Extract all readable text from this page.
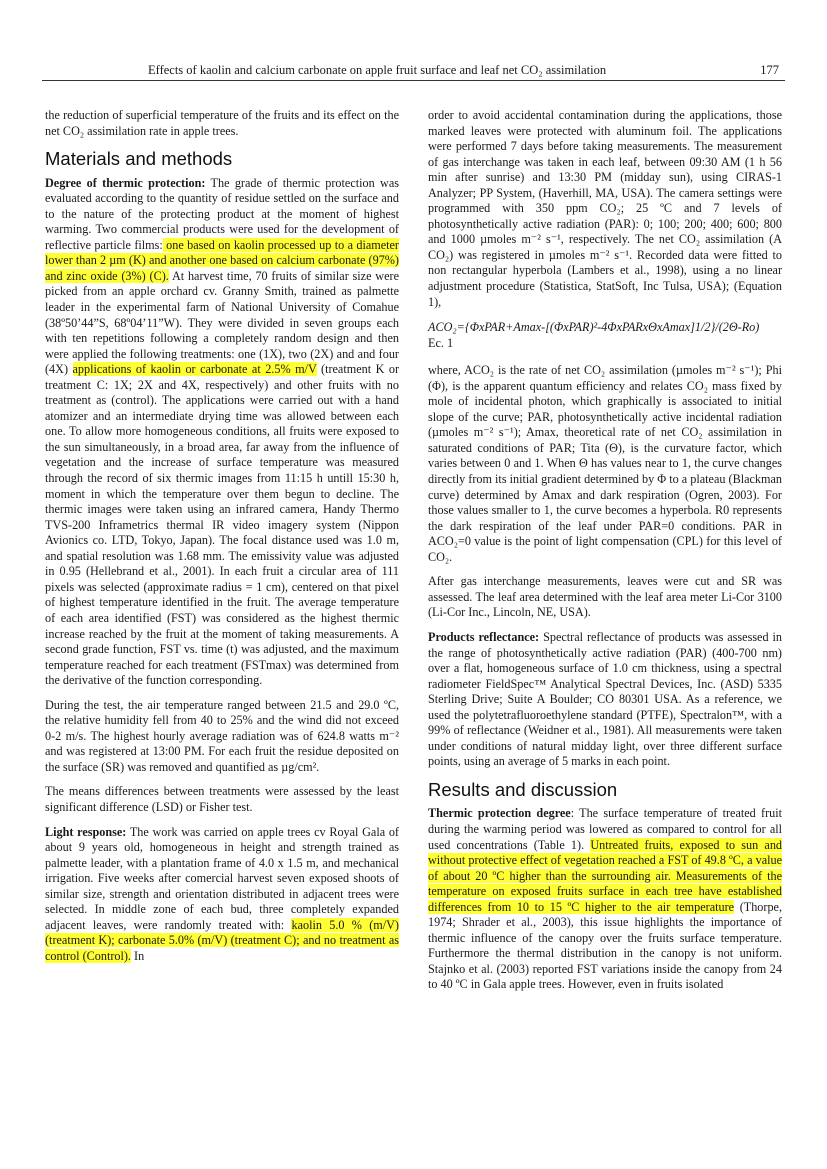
Effects of kaolin and calcium carbonate on apple fruit surface and leaf net CO₂ assimilation	177

the reduction of superficial temperature of the fruits and its effect on the net CO₂ assimilation rate in apple trees.

Materials and methods

Degree of thermic protection: The grade of thermic protection was evaluated according to the quantity of residue settled on the surface and to the nature of the protecting product at the moment of highest warming. Two commercial products were used for the development of reflective particle films: one based on kaolin processed up to a diameter lower than 2 µm (K) and another one based on calcium carbonate (97%) and zinc oxide (3%) (C). At harvest time, 70 fruits of similar size were picked from an apple orchard cv. Granny Smith, trained as palmette leader in the experimental farm of National University of Comahue (38º50’44”S, 68º04’11”W). They were divided in seven groups each with ten repetitions following a completely random design and then were applied the following treatments: one (1X), two (2X) and and four (4X) applications of kaolin or carbonate at 2.5% m/V (treatment K or treatment C: 1X; 2X and 4X, respectively) and other fruits with no treatment as (control). The applications were carried out with a hand atomizer and an intermediate drying time was allowed between each one. To allow more homogeneous conditions, all fruits were exposed to the sun simultaneously, in a broad area, far away from the influence of vegetation and the increase of surface temperature was measured through the record of six thermic images from 11:15 h untill 15:30 h, moment in which the temperature over them begun to decline. The thermic images were taken using an infrared camera, Handy Thermo TVS-200 Inframetrics thermal IR video imagery system (Nippon Avionics co. LTD, Tokyo, Japan). The focal distance used was 1.0 m, and spatial resolution was 1.68 mm. The emissivity value was adjusted in 0.95 (Hellebrand et al., 2001). In each fruit a circular area of 111 pixels was selected (approximate radius = 1 cm), centered on that pixel of highest temperature identified in the fruit. The average temperature of each area identified (FST) was considered as the highest thermic increase reached by the fruit at the moment of taking measurements. A second grade function, FST vs. time (t) was adjusted, and the maximum temperature reached for each treatment (FSTmax) was determined from the derivative of the function corresponding.

During the test, the air temperature ranged between 21.5 and 29.0 ºC, the relative humidity fell from 40 to 25% and the wind did not exceed 0-2 m/s. The highest hourly average radiation was of 624.8 watts m⁻² and was registered at 13:00 PM. For each fruit the residue deposited on the surface (SR) was removed and quantified as µg/cm².

The means differences between treatments were assessed by the least significant difference (LSD) or Fisher test.

Light response: The work was carried on apple trees cv Royal Gala of about 9 years old, homogeneous in height and strength trained as palmette leader, with a plantation frame of 4.0 x 1.5 m, and mechanical irrigation. Five weeks after comercial harvest seven exposed shoots of similar size, strength and orientation distributed in adjacent trees were selected. In middle zone of each bud, three completely expanded adjacent leaves, were randomly treated with: kaolin 5.0 % (m/V) (treatment K); carbonate 5.0% (m/V) (treatment C); and no treatment as control (Control). In

order to avoid accidental contamination during the applications, those marked leaves were protected with aluminum foil. The applications were performed 7 days before taking measurements. The measurement of gas interchange was taken in each leaf, between 09:30 AM (1 h 56 min after sunrise) and 13:30 PM (midday sun), using CIRAS-1 Analyzer; PP System, (Haverhill, MA, USA). The camera settings were programmed with 350 ppm CO₂; 25 ºC and 7 levels of photosynthetically active radiation (PAR): 0; 100; 200; 400; 600; 800 and 1000 µmoles m⁻² s⁻¹, respectively. The net CO₂ assimilation (A CO₂) was registered in µmoles m⁻² s⁻¹. Recorded data were fitted to non rectangular hyperbola (Lambers et al., 1998), using a no linear adjustment procedure (Statistica, StatSoft, Inc Tulsa, USA); (Equation 1),

ACO₂={ΦxPAR+Amax-[(ΦxPAR)²-4ΦxPARxΘxAmax]1/2}/(2Θ-Ro)
Ec. 1

where, ACO₂ is the rate of net CO₂ assimilation (µmoles m⁻² s⁻¹); Phi (Φ), is the apparent quantum efficiency and relates CO₂ mass fixed by mole of incidental photon, which graphically is associated to initial slope of the curve; PAR, photosynthetically active incidental radiation (µmoles m⁻² s⁻¹); Amax, theoretical rate of net CO₂ assimilation in saturated conditions of PAR; Tita (Θ), is the curvature factor, which varies between 0 and 1. When Θ has values near to 1, the curve changes directly from its initial gradient determined by Φ to a plateau (Blackman curve) determined by Amax and dark respiration (Ogren, 2003). For those values smaller to 1, the curve becomes a hyperbola. R0 represents the dark respiration of the leaf under PAR=0 conditions. PAR in ACO₂=0 value is the point of light compensation (CPL) for this level of CO₂.

After gas interchange measurements, leaves were cut and SR was assessed. The leaf area determined with the leaf area meter Li-Cor 3100 (Li-Cor Inc., Lincoln, NE, USA).

Products reflectance: Spectral reflectance of products was assessed in the range of photosynthetically active radiation (PAR) (400-700 nm) over a flat, homogeneous surface of 1.0 cm thickness, using a spectral radiometer FieldSpec™ Analytical Spectral Devices, Inc. (ASD) 5335 Sterling Drive; Suite A Boulder; CO 80301 USA. As a reference, we used the polytetrafluoroethylene standard (PTFE), Spectralon™, with a 99% of reflectance (Weidner et al., 1981). All measurements were taken under conditions of natural midday light, over three different surface points, using an average of 5 marks in each point.

Results and discussion

Thermic protection degree: The surface temperature of treated fruit during the warming period was lowered as compared to control for all used concentrations (Table 1). Untreated fruits, exposed to sun and without protective effect of vegetation reached a FST of 49.8 ºC, a value of about 20 ºC higher than the surrounding air. Measurements of the temperature on exposed fruits surface in each tree have established differences from 10 to 15 ºC higher to the air temperature (Thorpe, 1974; Shrader et al., 2003), this issue highlights the importance of thermic influence of the canopy over the fruits surface temperature. Furthermore the thermal distribution in the canopy is not uniform. Stajnko et al. (2003) reported FST variations inside the canopy from 24 to 40 ºC in Gala apple trees. However, even in fruits isolated
